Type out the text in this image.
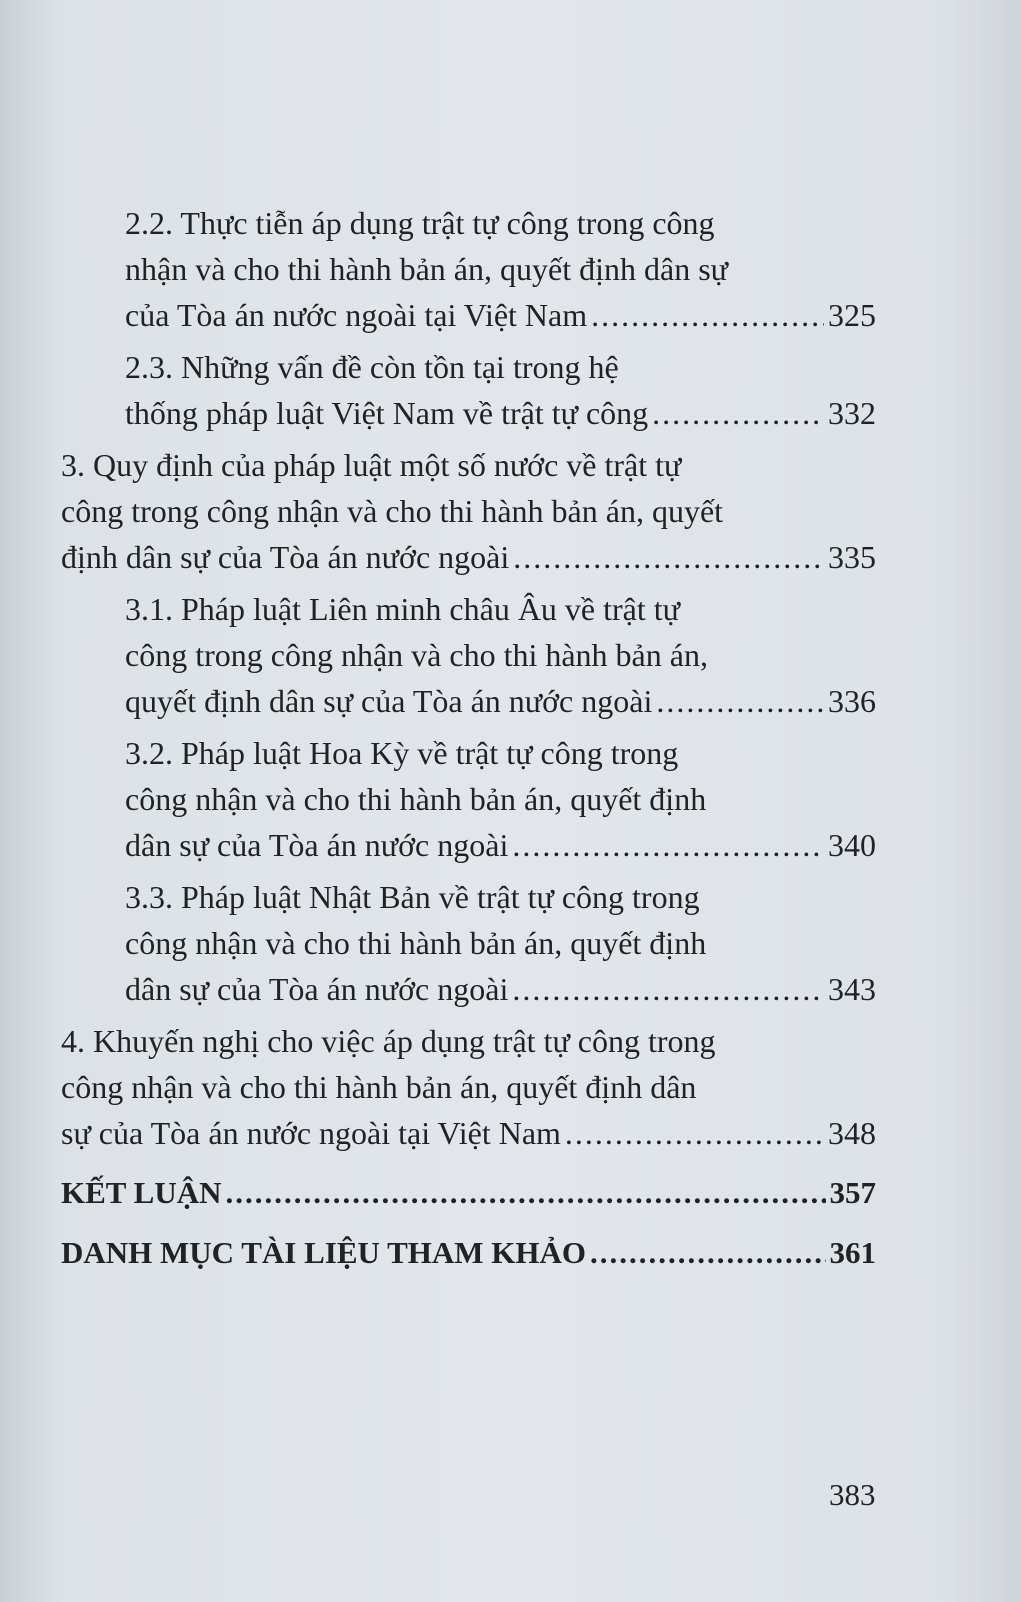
2.2. Thực tiễn áp dụng trật tự công trong công
nhận và cho thi hành bản án, quyết định dân sự
của Tòa án nước ngoài tại Việt Nam .....	325
2.3. Những vấn đề còn tồn tại trong hệ
thống pháp luật Việt Nam về trật tự công .....	332
3. Quy định của pháp luật một số nước về trật tự
công trong công nhận và cho thi hành bản án, quyết
định dân sự của Tòa án nước ngoài .....	335
3.1. Pháp luật Liên minh châu Âu về trật tự
công trong công nhận và cho thi hành bản án,
quyết định dân sự của Tòa án nước ngoài .....	336
3.2. Pháp luật Hoa Kỳ về trật tự công trong
công nhận và cho thi hành bản án, quyết định
dân sự của Tòa án nước ngoài .....	340
3.3. Pháp luật Nhật Bản về trật tự công trong
công nhận và cho thi hành bản án, quyết định
dân sự của Tòa án nước ngoài .....	343
4. Khuyến nghị cho việc áp dụng trật tự công trong
công nhận và cho thi hành bản án, quyết định dân
sự của Tòa án nước ngoài tại Việt Nam .....	348
KẾT LUẬN .....	357
DANH MỤC TÀI LIỆU THAM KHẢO .....	361
383
